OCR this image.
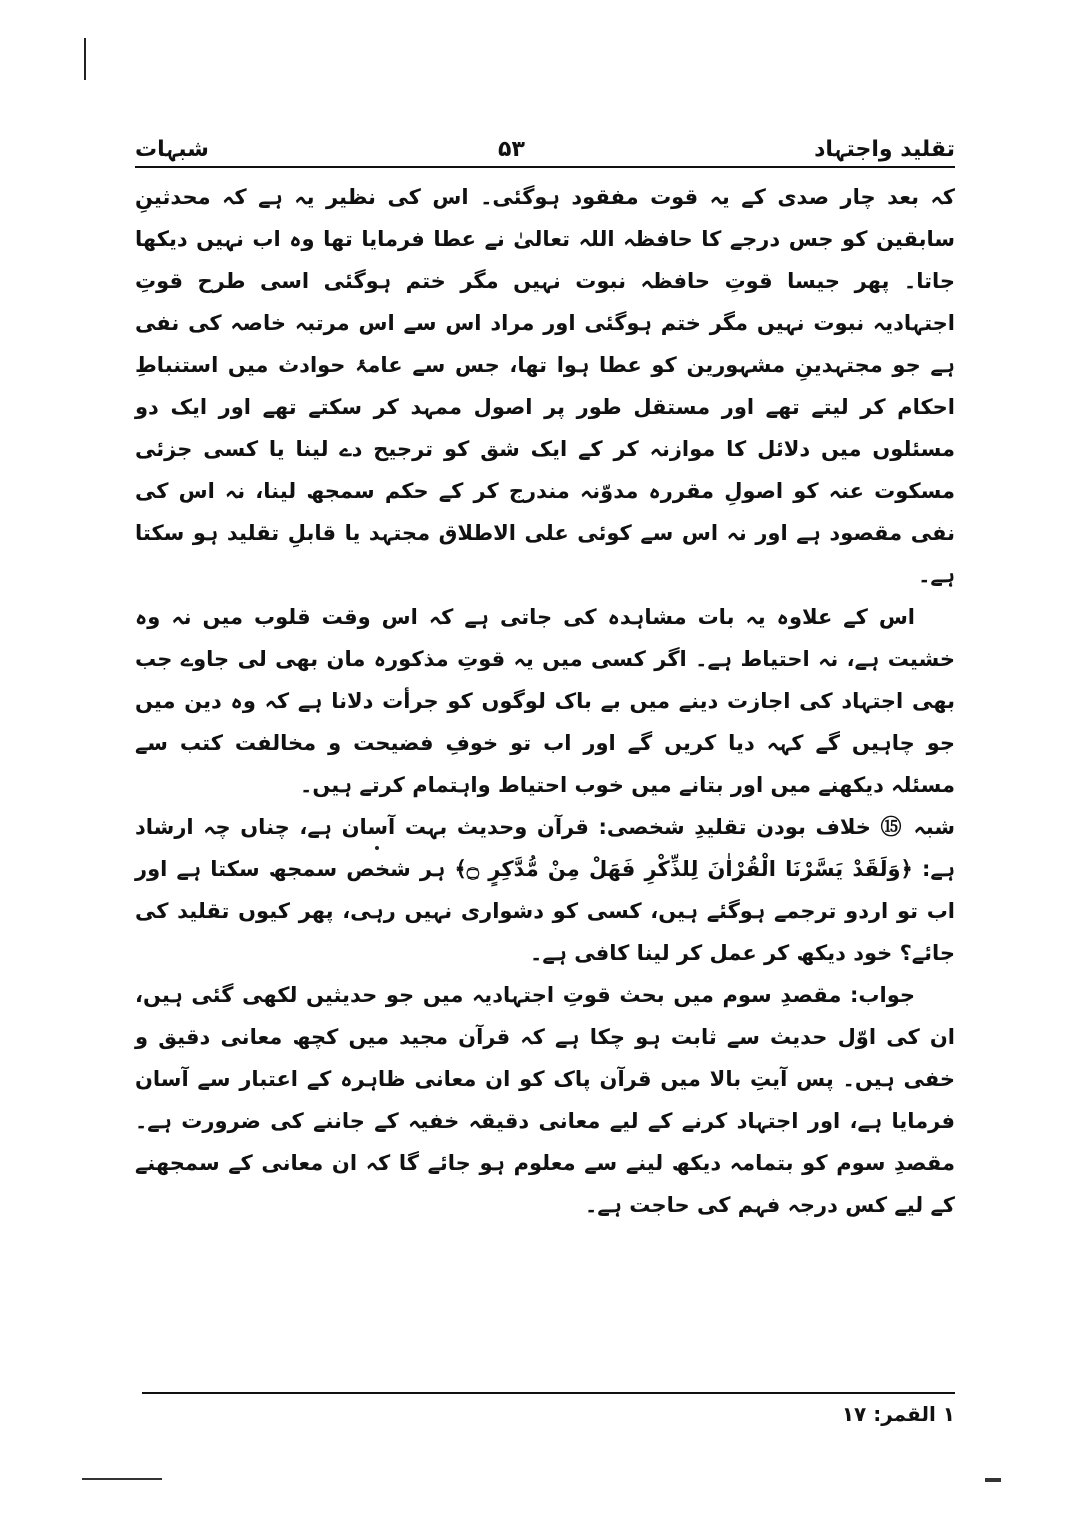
تقلید واجتہاد
۵۳
شبہات

کہ بعد چار صدی کے یہ قوت مفقود ہوگئی۔ اس کی نظیر یہ ہے کہ محدثینِ سابقین کو جس درجے کا حافظہ اللہ تعالیٰ نے عطا فرمایا تھا وہ اب نہیں دیکھا جاتا۔ پھر جیسا قوتِ حافظہ نبوت نہیں مگر ختم ہوگئی اسی طرح قوتِ اجتہادیہ نبوت نہیں مگر ختم ہوگئی اور مراد اس سے اس مرتبہ خاصہ کی نفی ہے جو مجتہدینِ مشہورین کو عطا ہوا تھا، جس سے عامۂ حوادث میں استنباطِ احکام کر لیتے تھے اور مستقل طور پر اصول ممہد کر سکتے تھے اور ایک دو مسئلوں میں دلائل کا موازنہ کر کے ایک شق کو ترجیح دے لینا یا کسی جزئی مسکوت عنہ کو اصولِ مقررہ مدوّنہ مندرج کر کے حکم سمجھ لینا، نہ اس کی نفی مقصود ہے اور نہ اس سے کوئی علی الاطلاق مجتہد یا قابلِ تقلید ہو سکتا ہے۔

اس کے علاوہ یہ بات مشاہدہ کی جاتی ہے کہ اس وقت قلوب میں نہ وہ خشیت ہے، نہ احتیاط ہے۔ اگر کسی میں یہ قوتِ مذکورہ مان بھی لی جاوے جب بھی اجتہاد کی اجازت دینے میں بے باک لوگوں کو جرأت دلانا ہے کہ وہ دین میں جو چاہیں گے کہہ دیا کریں گے اور اب تو خوفِ فضیحت و مخالفت کتب سے مسئلہ دیکھنے میں اور بتانے میں خوب احتیاط واہتمام کرتے ہیں۔

شبہ ⑮ خلاف بودن تقلیدِ شخصی: قرآن وحدیث بہت آسان ہے، چناں چہ ارشاد ہے: ﴿وَلَقَدْ يَسَّرْنَا الْقُرْاٰنَ لِلذِّكْرِ فَهَلْ مِنْ مُّدَّكِرٍ ۝﴾ ہر شخص سمجھ سکتا ہے اور اب تو اردو ترجمے ہوگئے ہیں، کسی کو دشواری نہیں رہی، پھر کیوں تقلید کی جائے؟ خود دیکھ کر عمل کر لینا کافی ہے۔

جواب: مقصدِ سوم میں بحث قوتِ اجتہادیہ میں جو حدیثیں لکھی گئی ہیں، ان کی اوّل حدیث سے ثابت ہو چکا ہے کہ قرآن مجید میں کچھ معانی دقیق و خفی ہیں۔ پس آیتِ بالا میں قرآن پاک کو ان معانی ظاہرہ کے اعتبار سے آسان فرمایا ہے، اور اجتہاد کرنے کے لیے معانی دقیقہ خفیہ کے جاننے کی ضرورت ہے۔ مقصدِ سوم کو بتمامہ دیکھ لینے سے معلوم ہو جائے گا کہ ان معانی کے سمجھنے کے لیے کس درجہ فہم کی حاجت ہے۔

۱ القمر: ۱۷
